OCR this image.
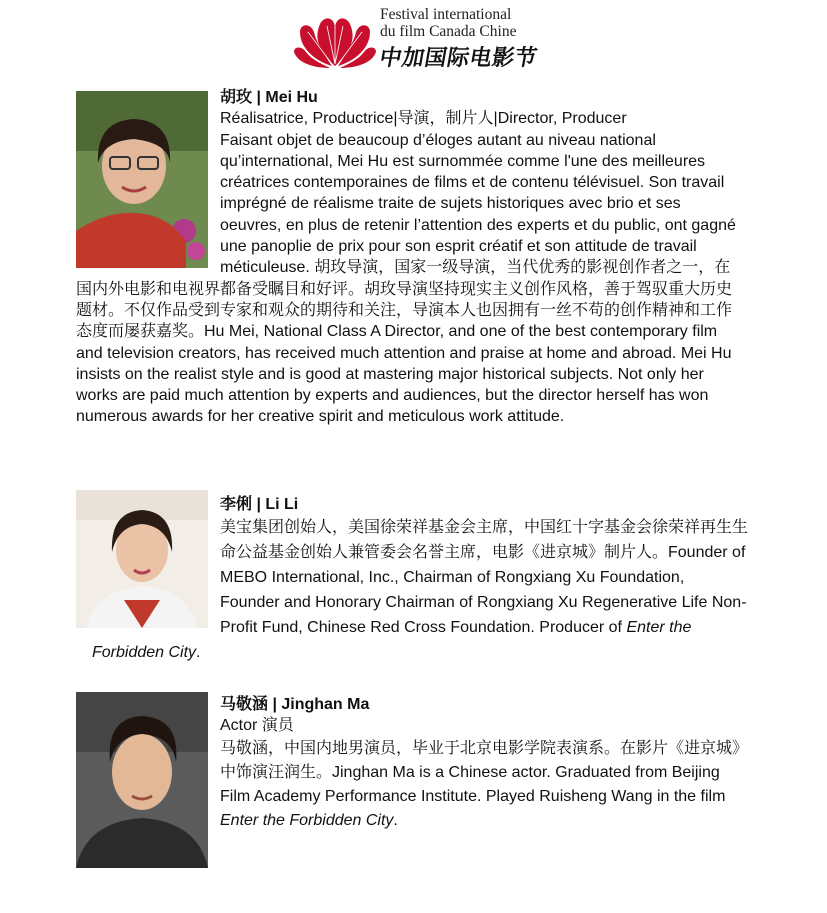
Festival international
du film Canada Chine
中加国际电影节
胡玫 | Mei Hu
Réalisatrice, Productrice|导演，制片人|Director, Producer
Faisant objet de beaucoup d’éloges autant au niveau national qu’international, Mei Hu est surnommée comme l'une des meilleures créatrices contemporaines de films et de contenu télévisuel. Son travail imprégné de réalisme traite de sujets historiques avec brio et ses oeuvres, en plus de retenir l’attention des experts et du public, ont gagné une panoplie de prix pour son esprit créatif et son attitude de travail méticuleuse. 胡玫导演，国家一级导演，当代优秀的影视创作者之一，在国内外电影和电视界都备受瞩目和好评。胡玫导演坚持现实主义创作风格，善于驾驭重大历史题材。不仅作品受到专家和观众的期待和关注，导演本人也因拥有一丝不苟的创作精神和工作态度而屡获嘉奖。Hu Mei, National Class A Director, and one of the best contemporary film and television creators, has received much attention and praise at home and abroad. Mei Hu insists on the realist style and is good at mastering major historical subjects. Not only her works are paid much attention by experts and audiences, but the director herself has won numerous awards for her creative spirit and meticulous work attitude.
李俐 | Li Li
美宝集团创始人，美国徐荣祥基金会主席，中国红十字基金会徐荣祥再生生命公益基金创始人兼管委会名誉主席，电影《进京城》制片人。Founder of MEBO International, Inc., Chairman of Rongxiang Xu Foundation, Founder and Honorary Chairman of Rongxiang Xu Regenerative Life Non-Profit Fund, Chinese Red Cross Foundation. Producer of Enter the Forbidden City.
马敬涵 | Jinghan Ma
Actor 演员
马敬涵，中国内地男演员，毕业于北京电影学院表演系。在影片《进京城》中饰演汪润生。Jinghan Ma is a Chinese actor. Graduated from Beijing Film Academy Performance Institute. Played Ruisheng Wang in the film Enter the Forbidden City.
